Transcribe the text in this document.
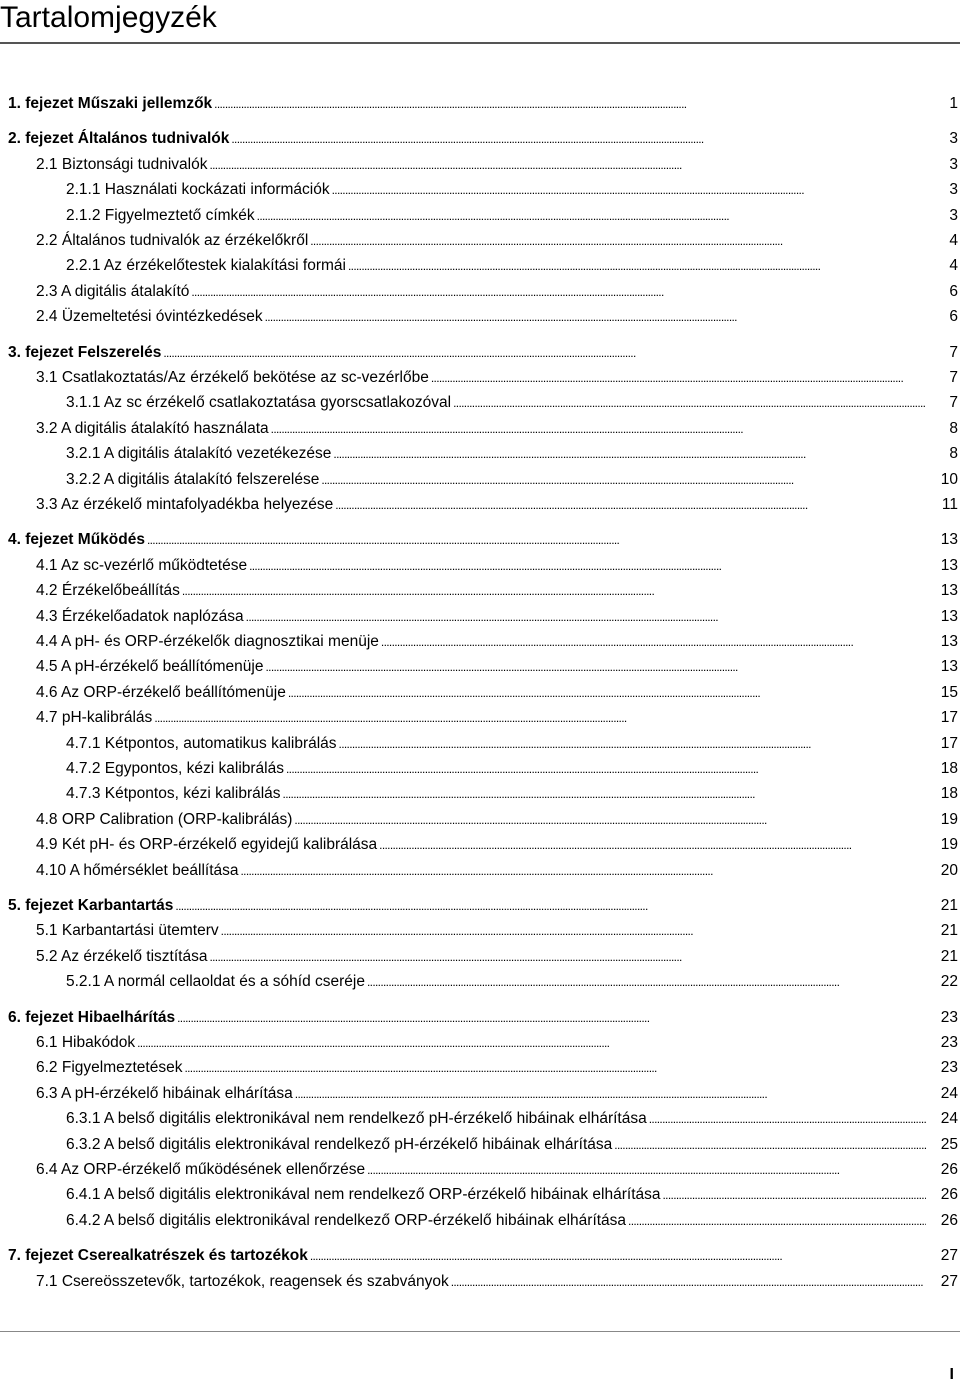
Tartalomjegyzék
1. fejezet Műszaki jellemzők . . .	1
2. fejezet Általános tudnivalók . . .	3
2.1 Biztonsági tudnivalók . . .	3
2.1.1 Használati kockázati információk . . .	3
2.1.2 Figyelmeztető címkék . . .	3
2.2 Általános tudnivalók az érzékelőkről . . .	4
2.2.1 Az érzékelőtestek kialakítási formái . . .	4
2.3 A digitális átalakító . . .	6
2.4 Üzemeltetési óvintézkedések . . .	6
3. fejezet Felszerelés . . .	7
3.1 Csatlakoztatás/Az érzékelő bekötése az sc-vezérlőbe . . .	7
3.1.1 Az sc érzékelő csatlakoztatása gyorscsatlakozóval . . .	7
3.2 A digitális átalakító használata . . .	8
3.2.1 A digitális átalakító vezetékezése . . .	8
3.2.2 A digitális átalakító felszerelése . . .	10
3.3 Az érzékelő mintafolyadékba helyezése . . .	11
4. fejezet Működés . . .	13
4.1 Az sc-vezérlő működtetése . . .	13
4.2 Érzékelőbeállítás . . .	13
4.3 Érzékelőadatok naplózása . . .	13
4.4 A pH- és ORP-érzékelők diagnosztikai menüje . . .	13
4.5 A pH-érzékelő beállítómenüje . . .	13
4.6 Az ORP-érzékelő beállítómenüje . . .	15
4.7 pH-kalibrálás . . .	17
4.7.1 Kétpontos, automatikus kalibrálás . . .	17
4.7.2 Egypontos, kézi kalibrálás . . .	18
4.7.3 Kétpontos, kézi kalibrálás . . .	18
4.8 ORP Calibration (ORP-kalibrálás) . . .	19
4.9 Két pH- és ORP-érzékelő egyidejű kalibrálása . . .	19
4.10 A hőmérséklet beállítása . . .	20
5. fejezet Karbantartás . . .	21
5.1 Karbantartási ütemterv . . .	21
5.2 Az érzékelő tisztítása . . .	21
5.2.1 A normál cellaoldat és a sóhíd cseréje . . .	22
6. fejezet Hibaelhárítás . . .	23
6.1 Hibakódok . . .	23
6.2 Figyelmeztetések . . .	23
6.3 A pH-érzékelő hibáinak elhárítása . . .	24
6.3.1 A belső digitális elektronikával nem rendelkező pH-érzékelő hibáinak elhárítása . . .	24
6.3.2 A belső digitális elektronikával rendelkező pH-érzékelő hibáinak elhárítása . . .	25
6.4 Az ORP-érzékelő működésének ellenőrzése . . .	26
6.4.1 A belső digitális elektronikával nem rendelkező ORP-érzékelő hibáinak elhárítása . . .	26
6.4.2 A belső digitális elektronikával rendelkező ORP-érzékelő hibáinak elhárítása . . .	26
7. fejezet Cserealkatrészek és tartozékok . . .	27
7.1 Csereösszetevők, tartozékok, reagensek és szabványok . . .	27
I
